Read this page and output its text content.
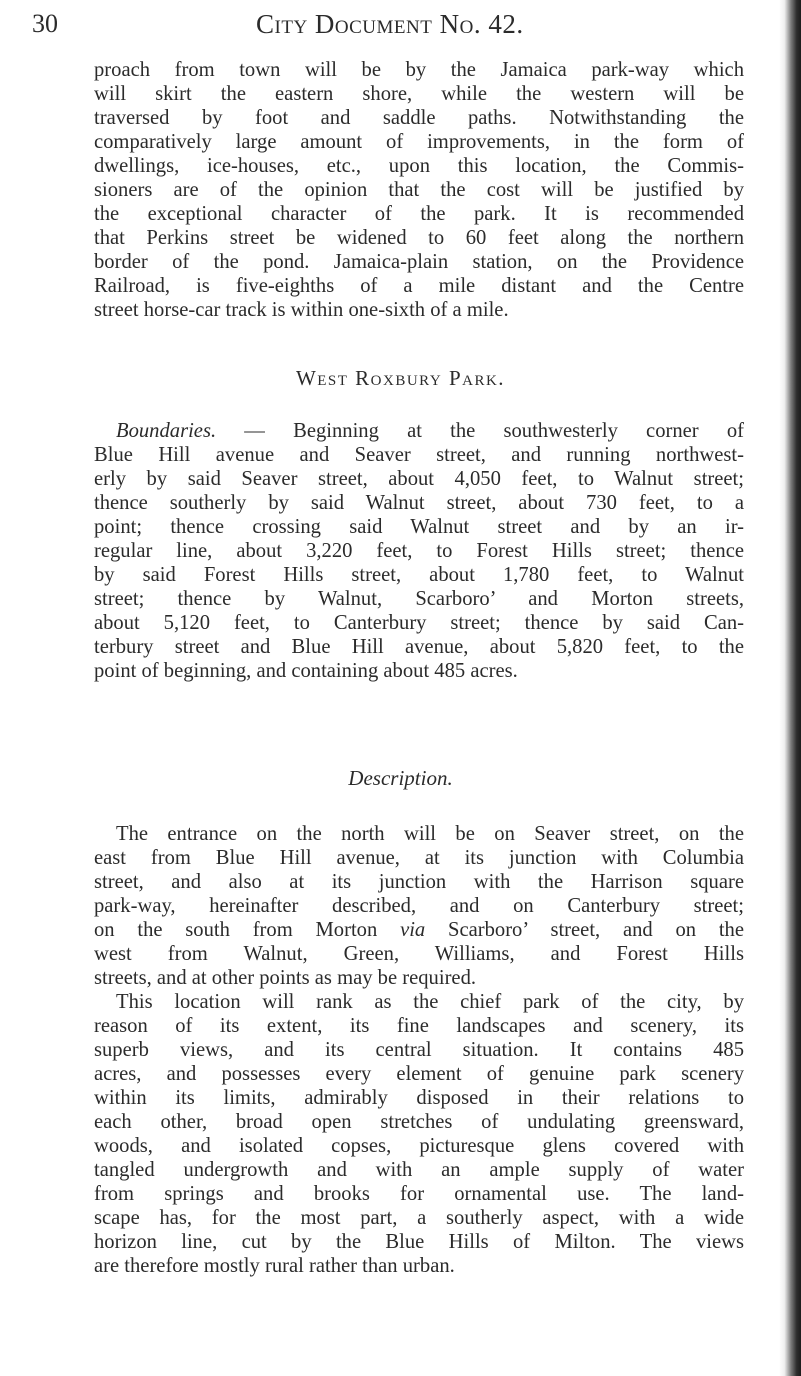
30	City Document No. 42.
proach from town will be by the Jamaica park-way which
will skirt the eastern shore, while the western will be
traversed by foot and saddle paths. Notwithstanding the
comparatively large amount of improvements, in the form of
dwellings, ice-houses, etc., upon this location, the Commis-
sioners are of the opinion that the cost will be justified by
the exceptional character of the park. It is recommended
that Perkins street be widened to 60 feet along the northern
border of the pond. Jamaica-plain station, on the Providence
Railroad, is five-eighths of a mile distant and the Centre
street horse-car track is within one-sixth of a mile.
West Roxbury Park.
Boundaries. — Beginning at the southwesterly corner of
Blue Hill avenue and Seaver street, and running northwest-
erly by said Seaver street, about 4,050 feet, to Walnut street;
thence southerly by said Walnut street, about 730 feet, to a
point; thence crossing said Walnut street and by an ir-
regular line, about 3,220 feet, to Forest Hills street; thence
by said Forest Hills street, about 1,780 feet, to Walnut
street; thence by Walnut, Scarboro’ and Morton streets,
about 5,120 feet, to Canterbury street; thence by said Can-
terbury street and Blue Hill avenue, about 5,820 feet, to the
point of beginning, and containing about 485 acres.
Description.
The entrance on the north will be on Seaver street, on the
east from Blue Hill avenue, at its junction with Columbia
street, and also at its junction with the Harrison square
park-way, hereinafter described, and on Canterbury street;
on the south from Morton via Scarboro’ street, and on the
west from Walnut, Green, Williams, and Forest Hills
streets, and at other points as may be required.
This location will rank as the chief park of the city, by
reason of its extent, its fine landscapes and scenery, its
superb views, and its central situation. It contains 485
acres, and possesses every element of genuine park scenery
within its limits, admirably disposed in their relations to
each other, broad open stretches of undulating greensward,
woods, and isolated copses, picturesque glens covered with
tangled undergrowth and with an ample supply of water
from springs and brooks for ornamental use. The land-
scape has, for the most part, a southerly aspect, with a wide
horizon line, cut by the Blue Hills of Milton. The views
are therefore mostly rural rather than urban.
